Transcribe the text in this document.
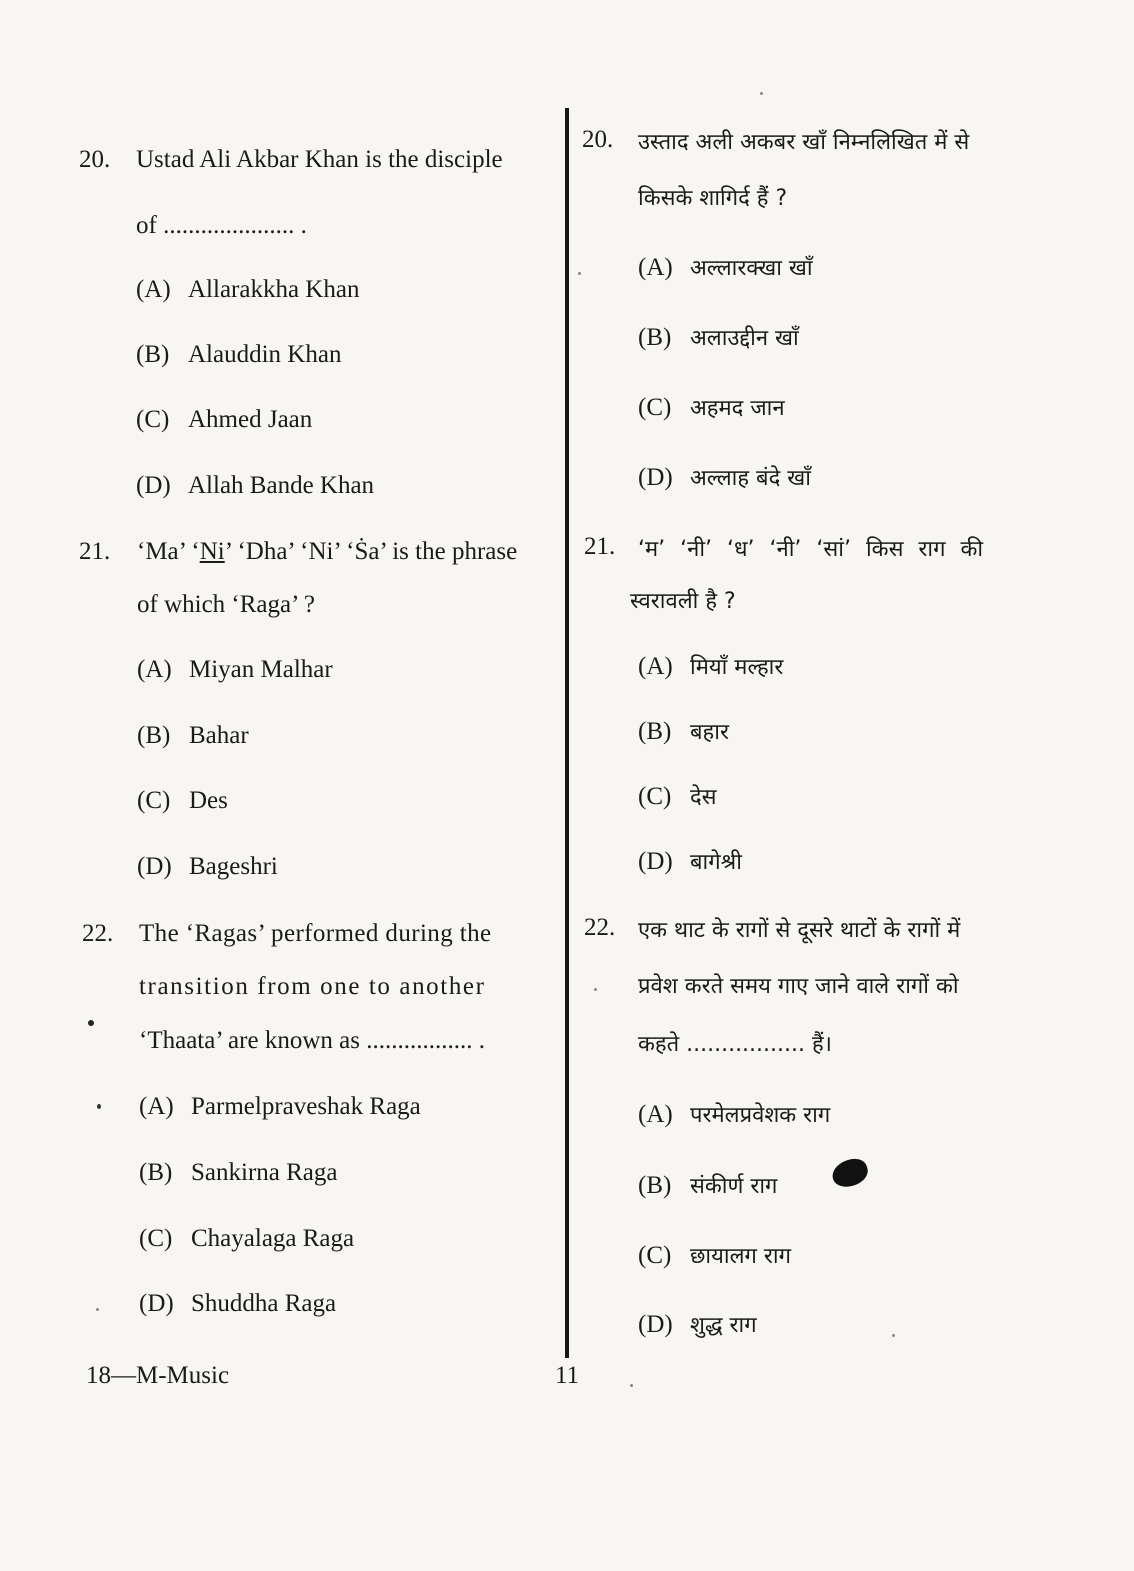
20. Ustad Ali Akbar Khan is the disciple
of ..................... .
(A) Allarakkha Khan
(B) Alauddin Khan
(C) Ahmed Jaan
(D) Allah Bande Khan
21. ‘Ma’ ‘Ni’ ‘Dha’ ‘Ni’ ‘Ṡa’ is the phrase
of which ‘Raga’ ?
(A) Miyan Malhar
(B) Bahar
(C) Des
(D) Bageshri
22. The ‘Ragas’ performed during the
transition from one to another
‘Thaata’ are known as ................. .
(A) Parmelpraveshak Raga
(B) Sankirna Raga
(C) Chayalaga Raga
(D) Shuddha Raga
20. उस्ताद अली अकबर खाँ निम्नलिखित में से
किसके शागिर्द हैं ?
(A) अल्लारक्खा खाँ
(B) अलाउद्दीन खाँ
(C) अहमद जान
(D) अल्लाह बंदे खाँ
21. ‘म’ ‘नी’ ‘ध’ ‘नी’ ‘सां’ किस राग की
स्वरावली है ?
(A) मियाँ मल्हार
(B) बहार
(C) देस
(D) बागेश्री
22. एक थाट के रागों से दूसरे थाटों के रागों में
प्रवेश करते समय गाए जाने वाले रागों को
कहते ................. हैं।
(A) परमेलप्रवेशक राग
(B) संकीर्ण राग
(C) छायालग राग
(D) शुद्ध राग
18—M-Music	11
